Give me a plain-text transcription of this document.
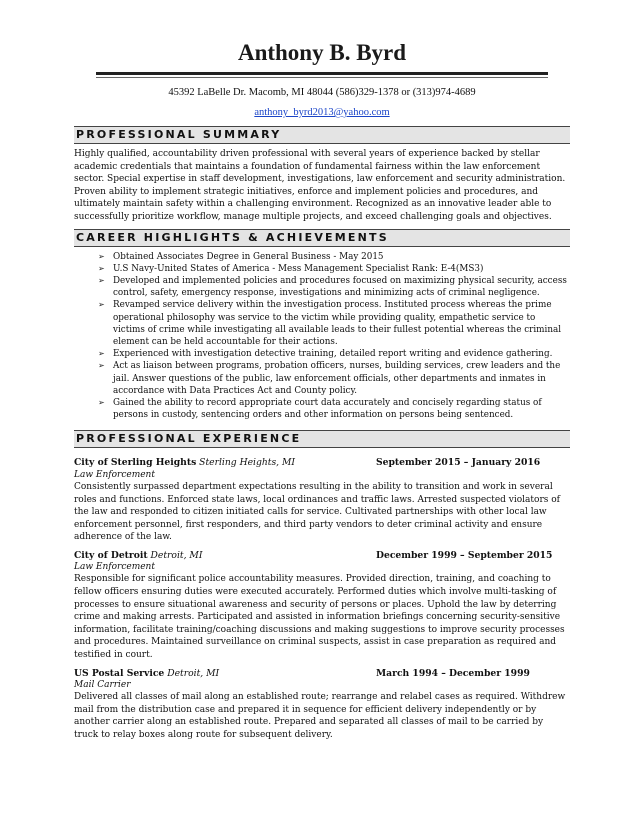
Anthony B. Byrd
45392 LaBelle Dr. Macomb, MI 48044 (586)329-1378 or (313)974-4689
anthony_byrd2013@yahoo.com
PROFESSIONAL SUMMARY

Highly qualified, accountability driven professional with several years of experience backed by stellar academic credentials that maintains a foundation of fundamental fairness within the law enforcement sector. Special expertise in staff development, investigations, law enforcement and security administration. Proven ability to implement strategic initiatives, enforce and implement policies and procedures, and ultimately maintain safety within a challenging environment. Recognized as an innovative leader able to successfully prioritize workflow, manage multiple projects, and exceed challenging goals and objectives.

CAREER HIGHLIGHTS & ACHIEVEMENTS
➢ Obtained Associates Degree in General Business - May 2015
➢ U.S Navy-United States of America - Mess Management Specialist Rank: E-4(MS3)
➢ Developed and implemented policies and procedures focused on maximizing physical security, access control, safety, emergency response, investigations and minimizing acts of criminal negligence.
➢ Revamped service delivery within the investigation process. Instituted process whereas the prime operational philosophy was service to the victim while providing quality, empathetic service to victims of crime while investigating all available leads to their fullest potential whereas the criminal element can be held accountable for their actions.
➢ Experienced with investigation detective training, detailed report writing and evidence gathering.
➢ Act as liaison between programs, probation officers, nurses, building services, crew leaders and the jail. Answer questions of the public, law enforcement officials, other departments and inmates in accordance with Data Practices Act and County policy.
➢ Gained the ability to record appropriate court data accurately and concisely regarding status of persons in custody, sentencing orders and other information on persons being sentenced.
PROFESSIONAL EXPERIENCE
City of Sterling Heights Sterling Heights, MI	September 2015 – January 2016
Law Enforcement
Consistently surpassed department expectations resulting in the ability to transition and work in several roles and functions. Enforced state laws, local ordinances and traffic laws. Arrested suspected violators of the law and responded to citizen initiated calls for service. Cultivated partnerships with other local law enforcement personnel, first responders, and third party vendors to deter criminal activity and ensure adherence of the law.
City of Detroit Detroit, MI	December 1999 – September 2015
Law Enforcement
Responsible for significant police accountability measures. Provided direction, training, and coaching to fellow officers ensuring duties were executed accurately. Performed duties which involve multi-tasking of processes to ensure situational awareness and security of persons or places. Uphold the law by deterring crime and making arrests. Participated and assisted in information briefings concerning security-sensitive information, facilitate training/coaching discussions and making suggestions to improve security processes and procedures. Maintained surveillance on criminal suspects, assist in case preparation as required and testified in court.
US Postal Service Detroit, MI	March 1994 – December 1999
Mail Carrier
Delivered all classes of mail along an established route; rearrange and relabel cases as required. Withdrew mail from the distribution case and prepared it in sequence for efficient delivery independently or by another carrier along an established route. Prepared and separated all classes of mail to be carried by truck to relay boxes along route for subsequent delivery.
